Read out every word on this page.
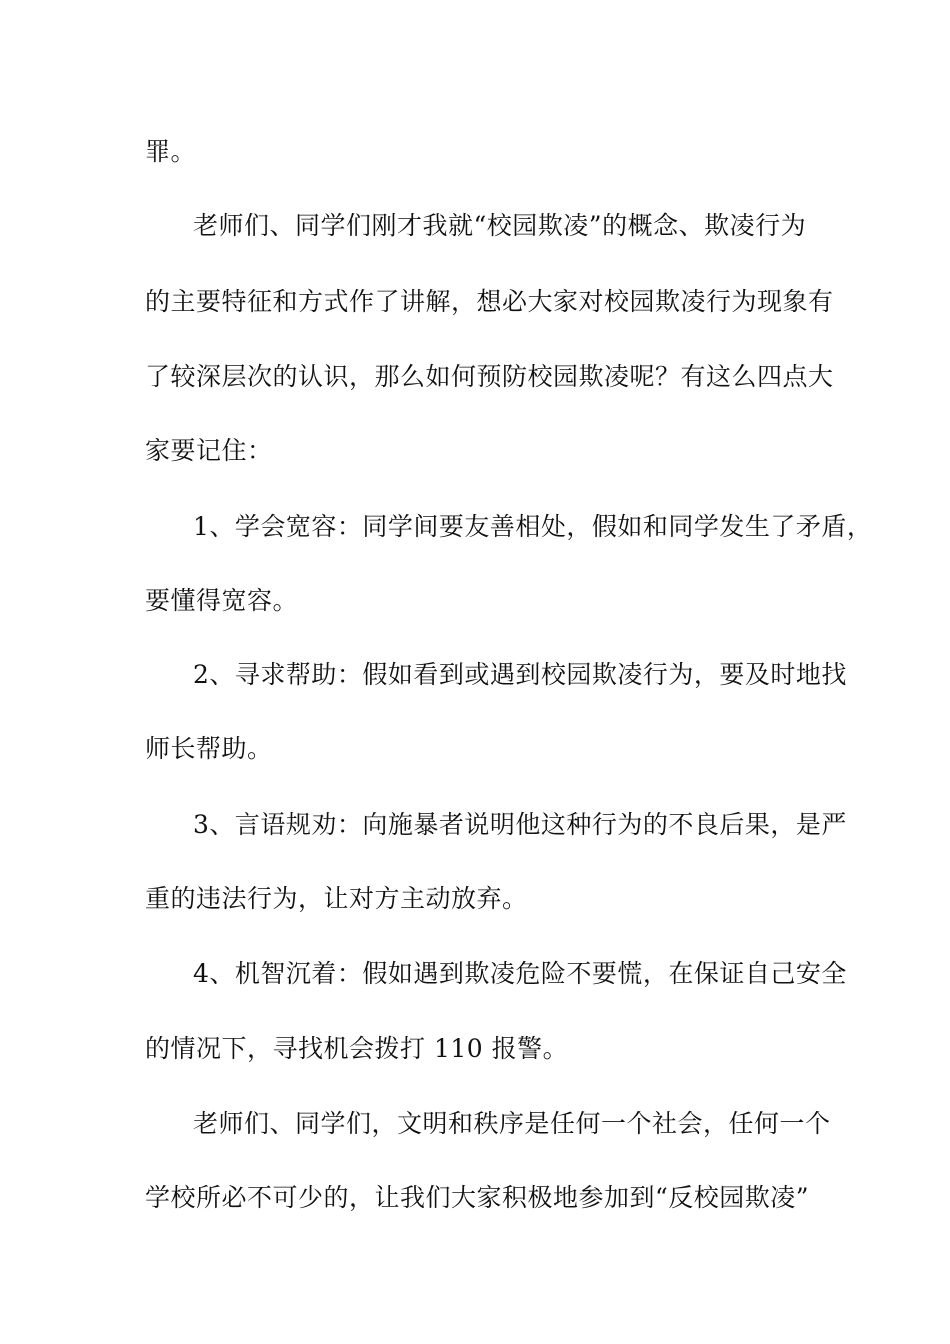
罪。
老师们、同学们刚才我就“校园欺凌”的概念、欺凌行为
的主要特征和方式作了讲解，想必大家对校园欺凌行为现象有
了较深层次的认识，那么如何预防校园欺凌呢？有这么四点大
家要记住：
1、学会宽容：同学间要友善相处，假如和同学发生了矛盾，
要懂得宽容。
2、寻求帮助：假如看到或遇到校园欺凌行为，要及时地找
师长帮助。
3、言语规劝：向施暴者说明他这种行为的不良后果，是严
重的违法行为，让对方主动放弃。
4、机智沉着：假如遇到欺凌危险不要慌，在保证自己安全
的情况下，寻找机会拨打 110 报警。
老师们、同学们，文明和秩序是任何一个社会，任何一个
学校所必不可少的，让我们大家积极地参加到“反校园欺凌”
